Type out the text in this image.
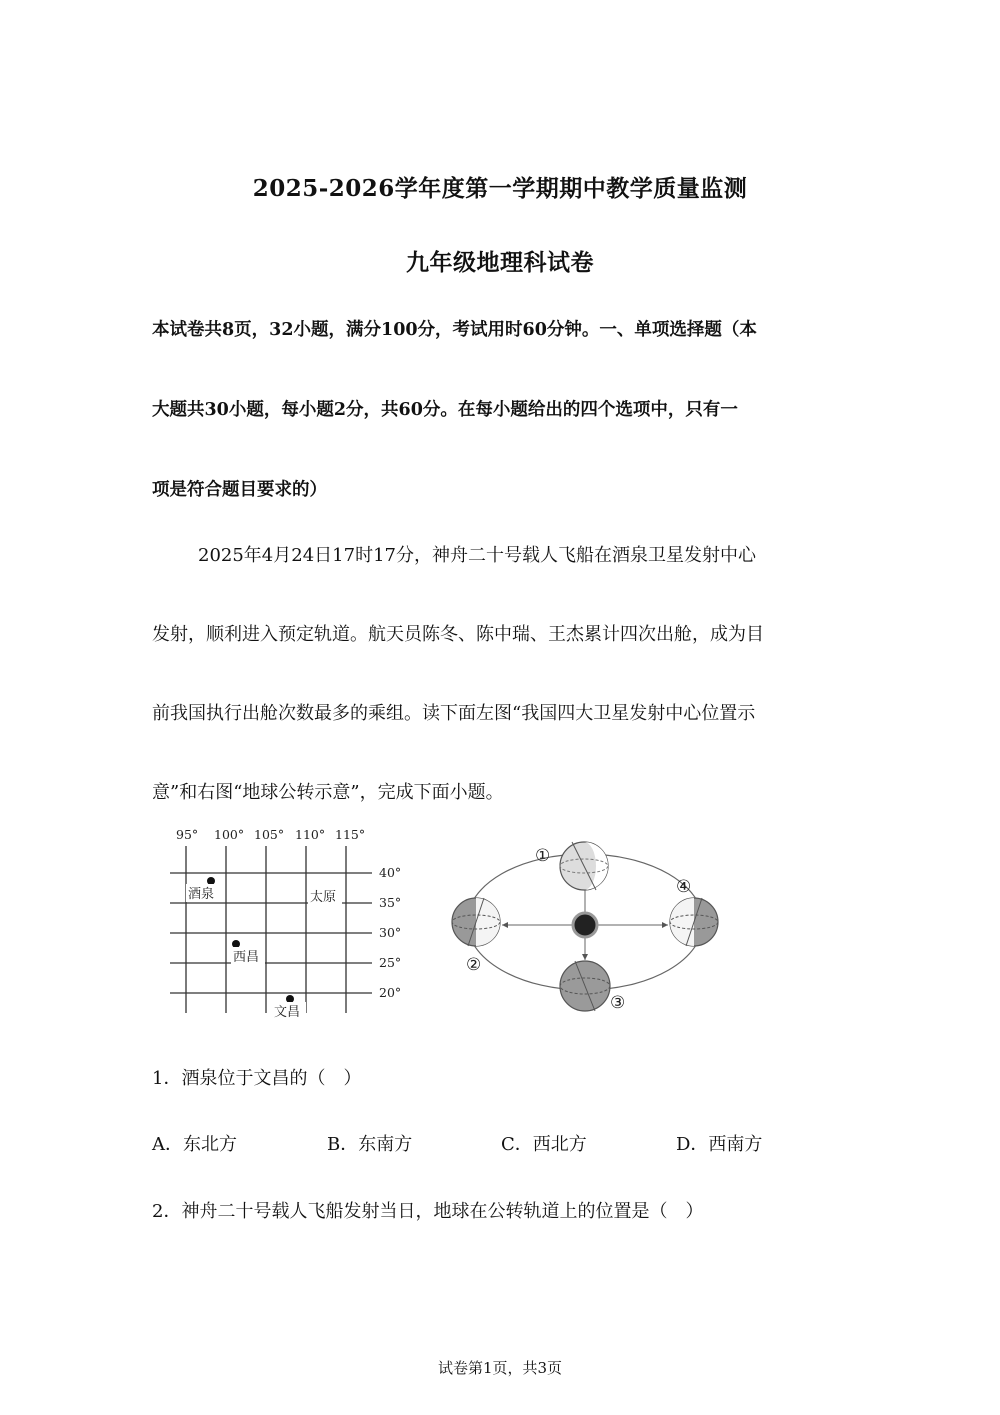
2025-2026学年度第一学期期中教学质量监测
九年级地理科试卷
本试卷共8页，32小题，满分100分，考试用时60分钟。一、单项选择题（本
大题共30小题，每小题2分，共60分。在每小题给出的四个选项中，只有一
项是符合题目要求的）
2025年4月24日17时17分，神舟二十号载人飞船在酒泉卫星发射中心
发射，顺利进入预定轨道。航天员陈冬、陈中瑞、王杰累计四次出舱，成为目
前我国执行出舱次数最多的乘组。读下面左图“我国四大卫星发射中心位置示
意”和右图“地球公转示意”，完成下面小题。
95° 100° 105° 110° 115°
40°
35°
30°
25°
20°
酒泉	太原
西昌
文昌
①
②
③
④
1．酒泉位于文昌的（　）
A．东北方	B．东南方	C．西北方	D．西南方
2．神舟二十号载人飞船发射当日，地球在公转轨道上的位置是（　）
试卷第1页，共3页
